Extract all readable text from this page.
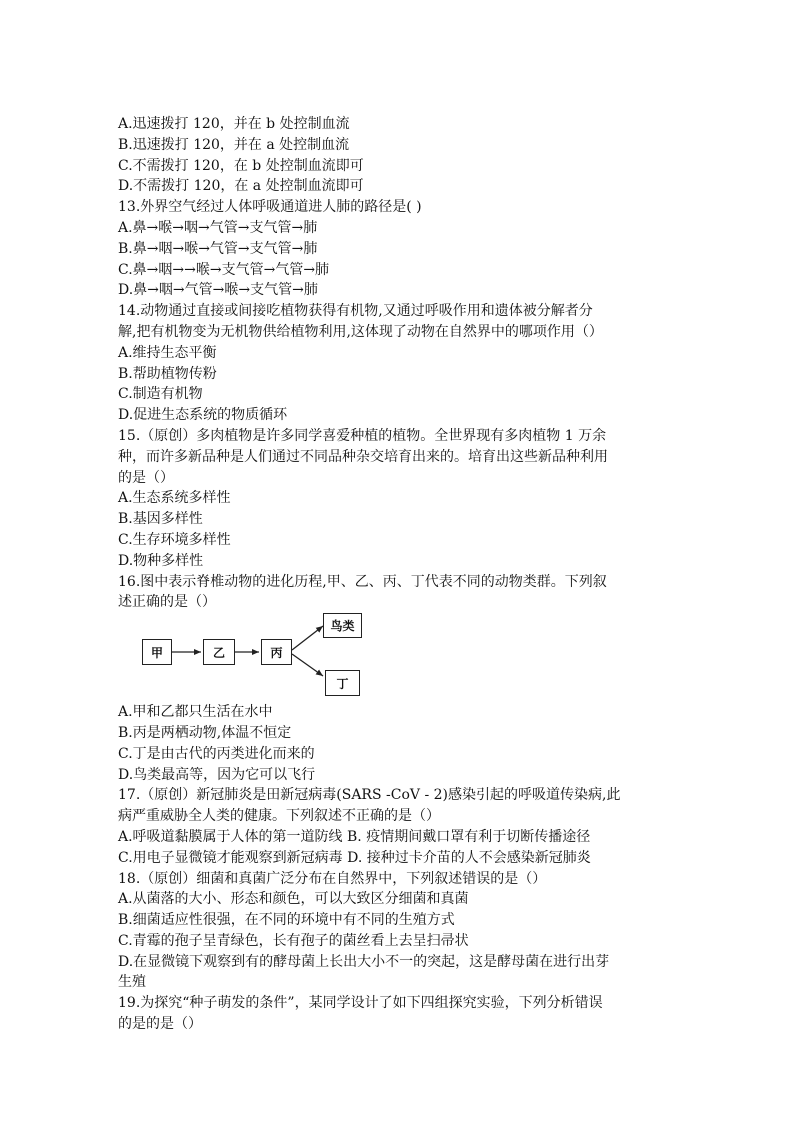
A.迅速拨打 120，并在 b 处控制血流
B.迅速拨打 120，并在 a 处控制血流
C.不需拨打 120，在 b 处控制血流即可
D.不需拨打 120，在 a 处控制血流即可
13.外界空气经过人体呼吸通道进人肺的路径是( )
A.鼻→喉→咽→气管→支气管→肺
B.鼻→咽→喉→气管→支气管→肺
C.鼻→咽→→喉→支气管→气管→肺
D.鼻→咽→气管→喉→支气管→肺
14.动物通过直接或间接吃植物获得有机物,又通过呼吸作用和遗体被分解者分
解,把有机物变为无机物供给植物利用,这体现了动物在自然界中的哪项作用（）
A.维持生态平衡
B.帮助植物传粉
C.制造有机物
D.促进生态系统的物质循环
15.（原创）多肉植物是许多同学喜爱种植的植物。全世界现有多肉植物 1 万余
种，而许多新品种是人们通过不同品种杂交培育出来的。培育出这些新品种利用
的是（）
A.生态系统多样性
B.基因多样性
C.生存环境多样性
D.物种多样性
16.图中表示脊椎动物的进化历程,甲、乙、丙、丁代表不同的动物类群。下列叙
述正确的是（）
甲	乙	丙
鸟类
丁
A.甲和乙都只生活在水中
B.丙是两栖动物,体温不恒定
C.丁是由古代的丙类进化而来的
D.鸟类最高等，因为它可以飞行
17.（原创）新冠肺炎是田新冠病毒(SARS -CoV - 2)感染引起的呼吸道传染病,此
病严重威胁全人类的健康。下列叙述不正确的是（）
A.呼吸道黏膜属于人体的第一道防线 B. 疫情期间戴口罩有利于切断传播途径
C.用电子显微镜才能观察到新冠病毒 D. 接种过卡介苗的人不会感染新冠肺炎
18.（原创）细菌和真菌广泛分布在自然界中，下列叙述错误的是（）
A.从菌落的大小、形态和颜色，可以大致区分细菌和真菌
B.细菌适应性很强，在不同的环境中有不同的生殖方式
C.青霉的孢子呈青绿色，长有孢子的菌丝看上去呈扫帚状
D.在显微镜下观察到有的酵母菌上长出大小不一的突起，这是酵母菌在进行出芽
生殖
19.为探究“种子萌发的条件”，某同学设计了如下四组探究实验，下列分析错误
的是的是（）
